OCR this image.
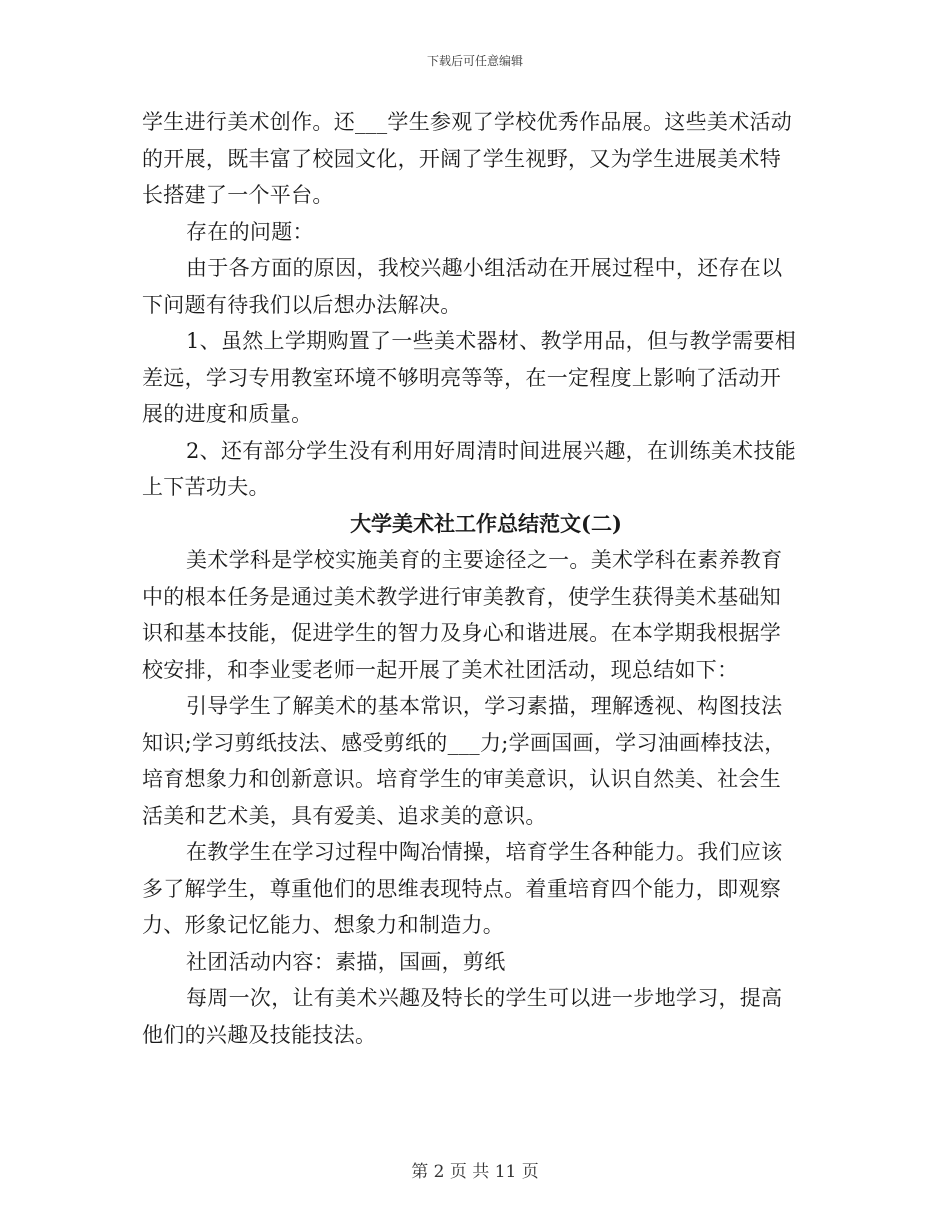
下载后可任意编辑
学生进行美术创作。还___学生参观了学校优秀作品展。这些美术活动
的开展，既丰富了校园文化，开阔了学生视野，又为学生进展美术特
长搭建了一个平台。
存在的问题：
由于各方面的原因，我校兴趣小组活动在开展过程中，还存在以
下问题有待我们以后想办法解决。
1、虽然上学期购置了一些美术器材、教学用品，但与教学需要相
差远，学习专用教室环境不够明亮等等，在一定程度上影响了活动开
展的进度和质量。
2、还有部分学生没有利用好周清时间进展兴趣，在训练美术技能
上下苦功夫。
大学美术社工作总结范文(二)
美术学科是学校实施美育的主要途径之一。美术学科在素养教育
中的根本任务是通过美术教学进行审美教育，使学生获得美术基础知
识和基本技能，促进学生的智力及身心和谐进展。在本学期我根据学
校安排，和李业雯老师一起开展了美术社团活动，现总结如下：
引导学生了解美术的基本常识，学习素描，理解透视、构图技法
知识;学习剪纸技法、感受剪纸的___力;学画国画，学习油画棒技法，
培育想象力和创新意识。培育学生的审美意识，认识自然美、社会生
活美和艺术美，具有爱美、追求美的意识。
在教学生在学习过程中陶冶情操，培育学生各种能力。我们应该
多了解学生，尊重他们的思维表现特点。着重培育四个能力，即观察
力、形象记忆能力、想象力和制造力。
社团活动内容：素描，国画，剪纸
每周一次，让有美术兴趣及特长的学生可以进一步地学习，提高
他们的兴趣及技能技法。
第 2 页 共 11 页
